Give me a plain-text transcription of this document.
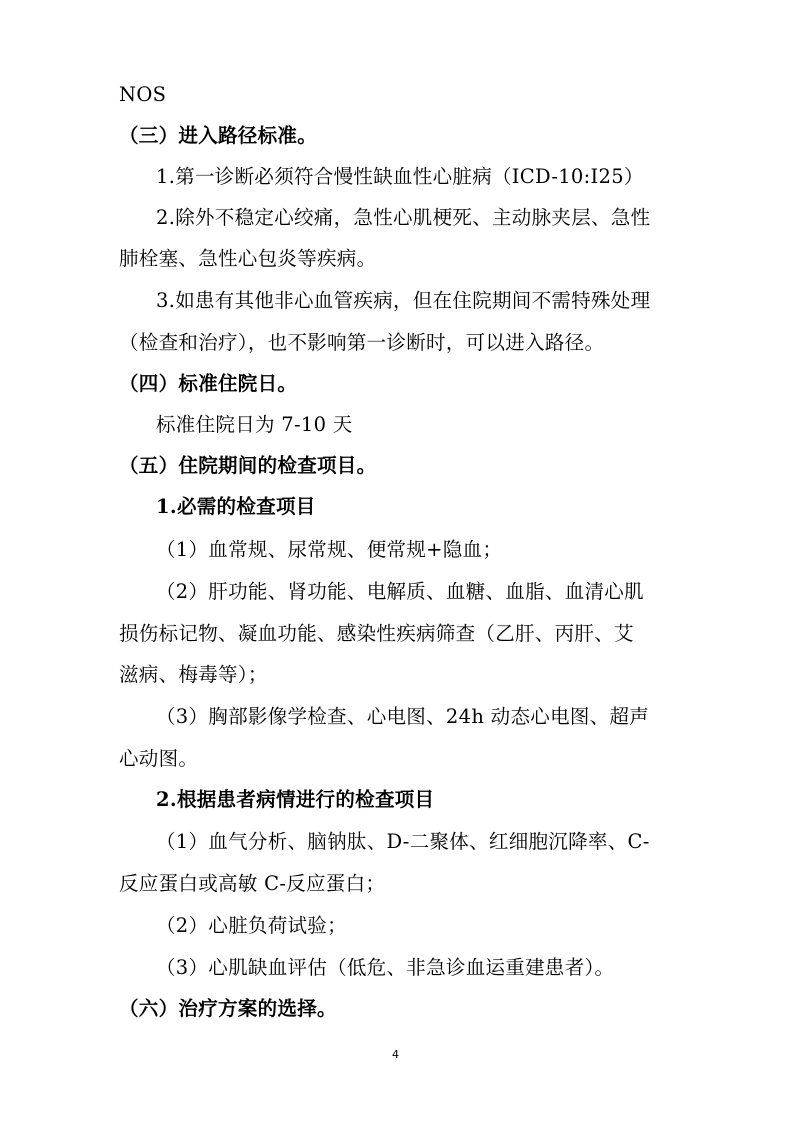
NOS
（三）进入路径标准。
1.第一诊断必须符合慢性缺血性心脏病（ICD-10:I25）
2.除外不稳定心绞痛，急性心肌梗死、主动脉夹层、急性
肺栓塞、急性心包炎等疾病。
3.如患有其他非心血管疾病，但在住院期间不需特殊处理
（检查和治疗），也不影响第一诊断时，可以进入路径。
（四）标准住院日。
标准住院日为 7-10 天
（五）住院期间的检查项目。
1.必需的检查项目
（1）血常规、尿常规、便常规+隐血；
（2）肝功能、肾功能、电解质、血糖、血脂、血清心肌
损伤标记物、凝血功能、感染性疾病筛查（乙肝、丙肝、艾
滋病、梅毒等）；
（3）胸部影像学检查、心电图、24h 动态心电图、超声
心动图。
2.根据患者病情进行的检查项目
（1）血气分析、脑钠肽、D-二聚体、红细胞沉降率、C-
反应蛋白或高敏 C-反应蛋白；
（2）心脏负荷试验；
（3）心肌缺血评估（低危、非急诊血运重建患者）。
（六）治疗方案的选择。
4
